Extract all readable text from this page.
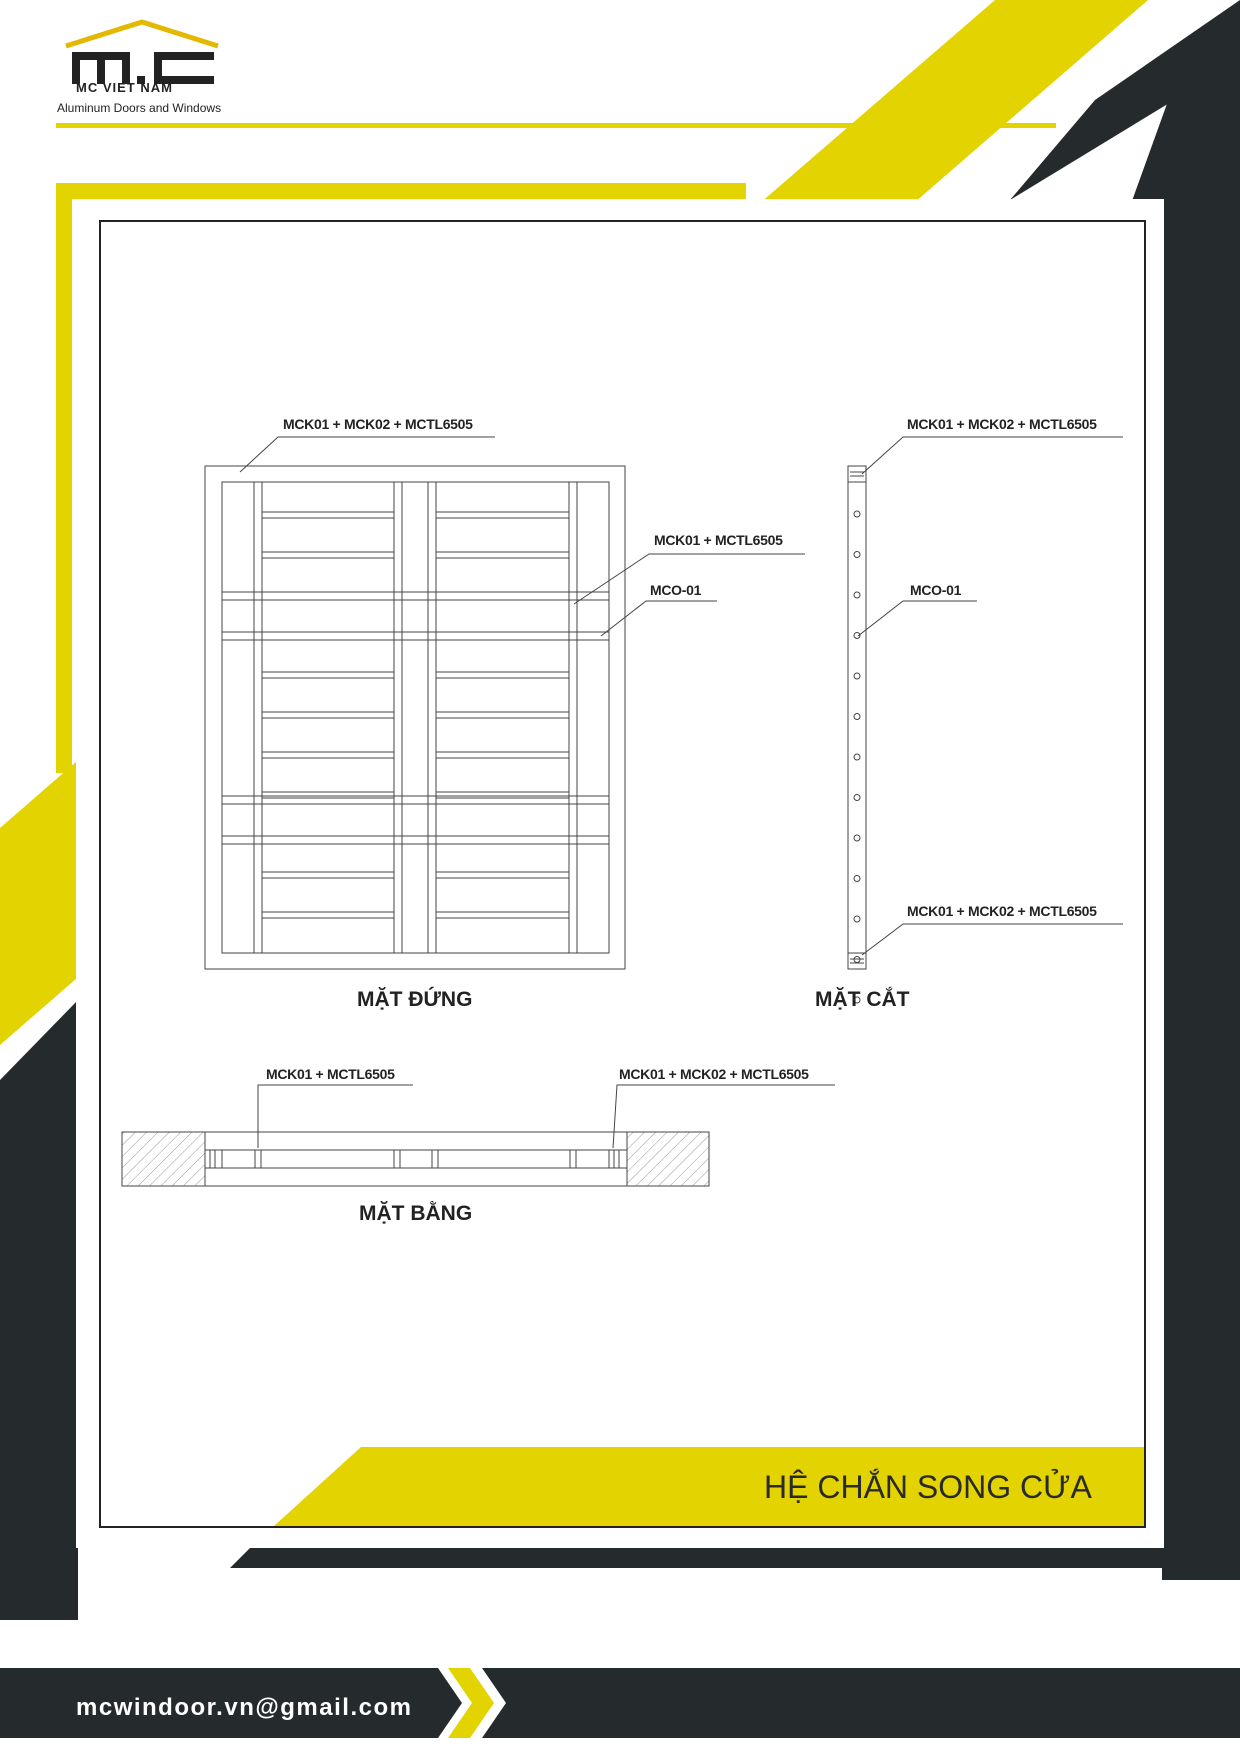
MC VIET NAM
Aluminum Doors and Windows
MCK01 + MCK02 + MCTL6505
MCK01 + MCTL6505
MCO-01
MCK01 + MCK02 + MCTL6505
MCO-01
MCK01 + MCK02 + MCTL6505
MCK01 + MCTL6505	MCK01 + MCK02 + MCTL6505
MẶT ĐỨNG	MẶT CẮT
MẶT BẰNG
HỆ CHẮN SONG CỬA
mcwindoor.vn@gmail.com
